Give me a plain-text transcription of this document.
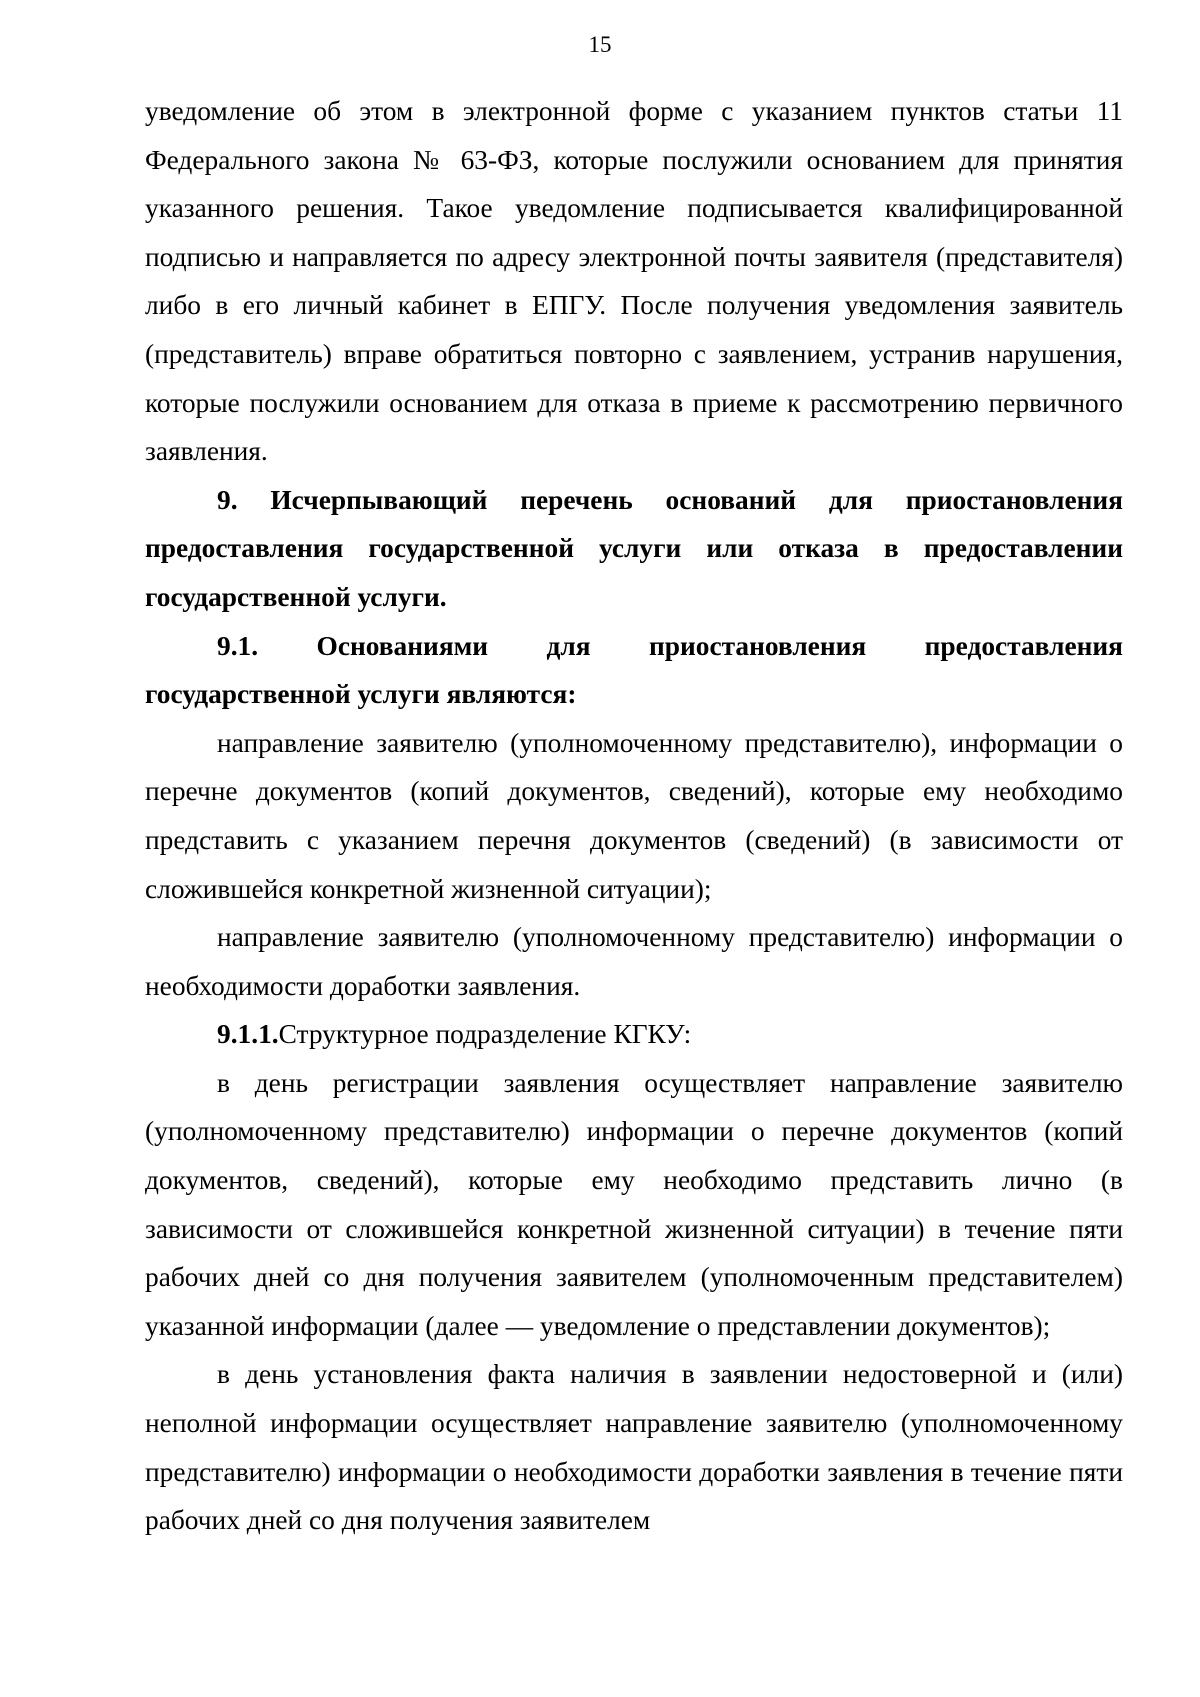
15

уведомление об этом в электронной форме с указанием пунктов статьи 11 Федерального закона № 63-ФЗ, которые послужили основанием для принятия указанного решения. Такое уведомление подписывается квалифицированной подписью и направляется по адресу электронной почты заявителя (представителя) либо в его личный кабинет в ЕПГУ. После получения уведомления заявитель (представитель) вправе обратиться повторно с заявлением, устранив нарушения, которые послужили основанием для отказа в приеме к рассмотрению первичного заявления.

9. Исчерпывающий перечень оснований для приостановления предоставления государственной услуги или отказа в предоставлении государственной услуги.

9.1. Основаниями для приостановления предоставления государственной услуги являются:

направление заявителю (уполномоченному представителю), информации о перечне документов (копий документов, сведений), которые ему необходимо представить с указанием перечня документов (сведений) (в зависимости от сложившейся конкретной жизненной ситуации);

направление заявителю (уполномоченному представителю) информации о необходимости доработки заявления.

9.1.1.Структурное подразделение КГКУ:

в день регистрации заявления осуществляет направление заявителю (уполномоченному представителю) информации о перечне документов (копий документов, сведений), которые ему необходимо представить лично (в зависимости от сложившейся конкретной жизненной ситуации) в течение пяти рабочих дней со дня получения заявителем (уполномоченным представителем) указанной информации (далее — уведомление о представлении документов);

в день установления факта наличия в заявлении недостоверной и (или) неполной информации осуществляет направление заявителю (уполномоченному представителю) информации о необходимости доработки заявления в течение пяти рабочих дней со дня получения заявителем
